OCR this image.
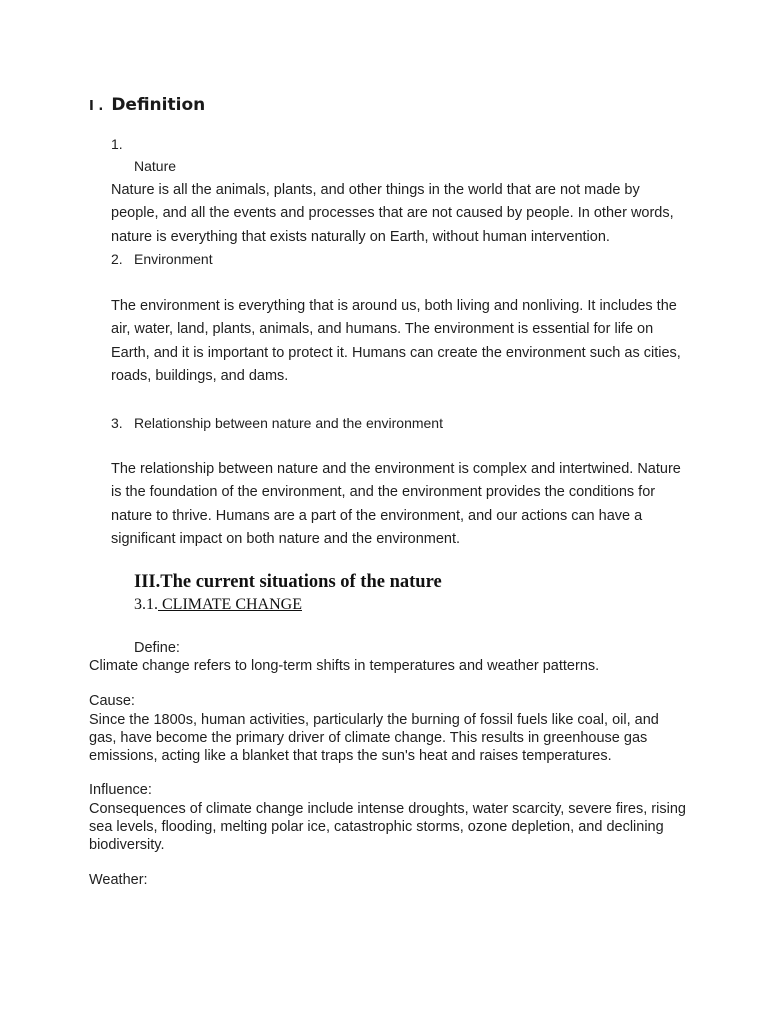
I . Definition
1.
Nature

Nature is all the animals, plants, and other things in the world that are not made by people, and all the events and processes that are not caused by people. In other words, nature is everything that exists naturally on Earth, without human intervention.

2. Environment

The environment is everything that is around us, both living and nonliving. It includes the air, water, land, plants, animals, and humans. The environment is essential for life on Earth, and it is important to protect it. Humans can create the environment such as cities, roads, buildings, and dams.

3. Relationship between nature and the environment

The relationship between nature and the environment is complex and intertwined. Nature is the foundation of the environment, and the environment provides the conditions for nature to thrive. Humans are a part of the environment, and our actions can have a significant impact on both nature and the environment.

III.The current situations of the nature
3.1. CLIMATE CHANGE
Define:

Climate change refers to long-term shifts in temperatures and weather patterns.

Cause:

Since the 1800s, human activities, particularly the burning of fossil fuels like coal, oil, and gas, have become the primary driver of climate change. This results in greenhouse gas emissions, acting like a blanket that traps the sun's heat and raises temperatures.

Influence:

Consequences of climate change include intense droughts, water scarcity, severe fires, rising sea levels, flooding, melting polar ice, catastrophic storms, ozone depletion, and declining biodiversity.

Weather:
